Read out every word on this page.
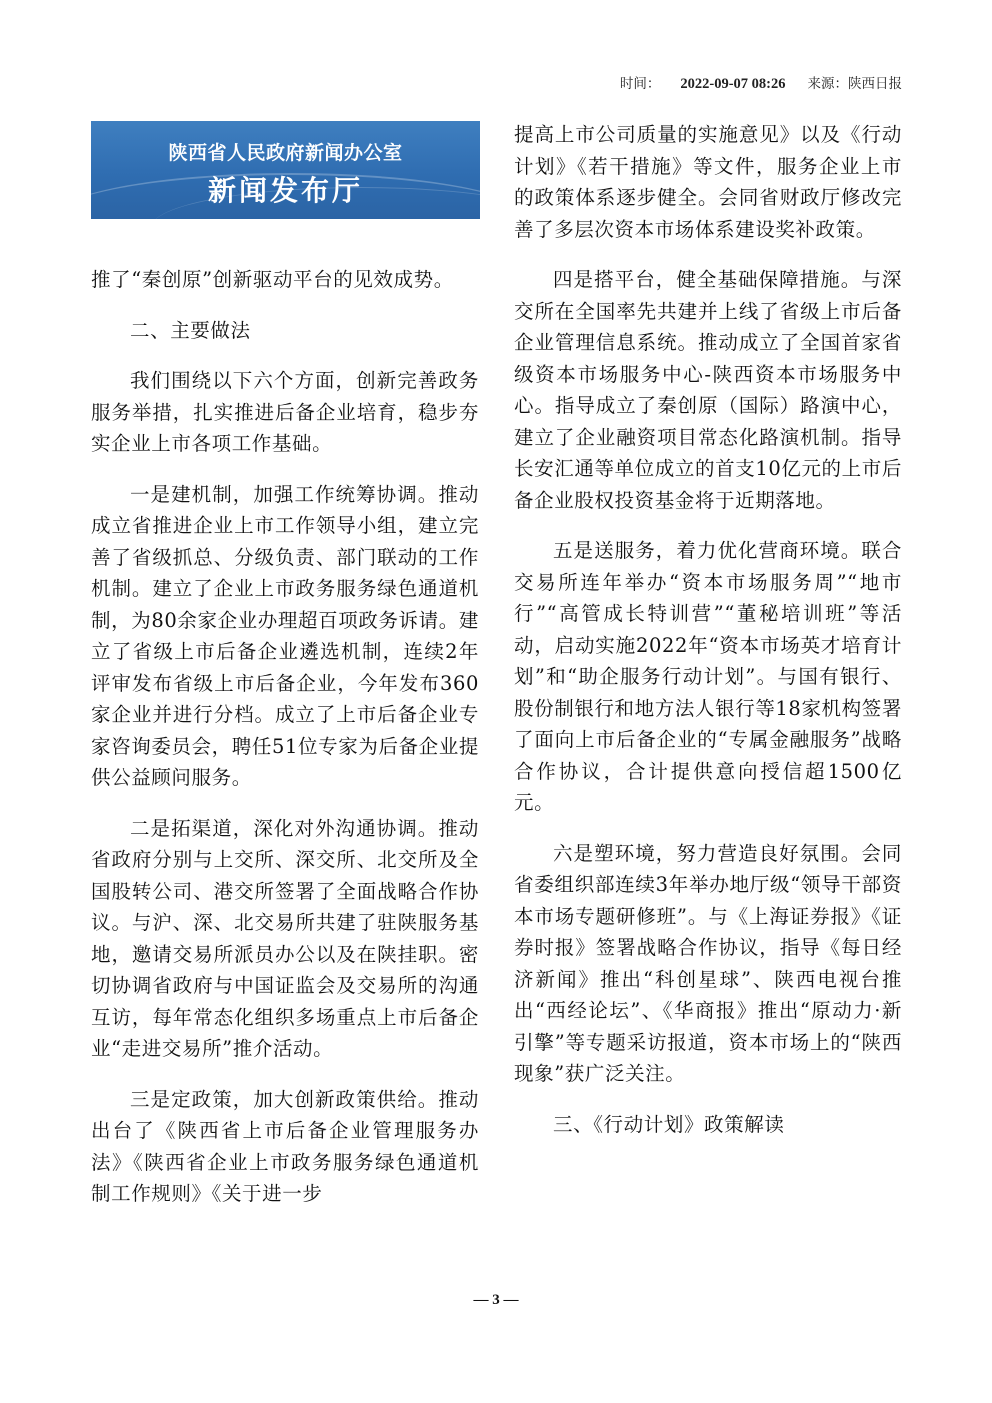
时间： 2022-09-07 08:26 来源：陕西日报
陕西省人民政府新闻办公室
新闻发布厅

推了“秦创原”创新驱动平台的见效成势。

二、主要做法

我们围绕以下六个方面，创新完善政务服务举措，扎实推进后备企业培育，稳步夯实企业上市各项工作基础。

一是建机制，加强工作统筹协调。推动成立省推进企业上市工作领导小组，建立完善了省级抓总、分级负责、部门联动的工作机制。建立了企业上市政务服务绿色通道机制，为80余家企业办理超百项政务诉请。建立了省级上市后备企业遴选机制，连续2年评审发布省级上市后备企业，今年发布360家企业并进行分档。成立了上市后备企业专家咨询委员会，聘任51位专家为后备企业提供公益顾问服务。

二是拓渠道，深化对外沟通协调。推动省政府分别与上交所、深交所、北交所及全国股转公司、港交所签署了全面战略合作协议。与沪、深、北交易所共建了驻陕服务基地，邀请交易所派员办公以及在陕挂职。密切协调省政府与中国证监会及交易所的沟通互访，每年常态化组织多场重点上市后备企业“走进交易所”推介活动。

三是定政策，加大创新政策供给。推动出台了《陕西省上市后备企业管理服务办法》《陕西省企业上市政务服务绿色通道机制工作规则》《关于进一步

提高上市公司质量的实施意见》以及《行动计划》《若干措施》等文件，服务企业上市的政策体系逐步健全。会同省财政厅修改完善了多层次资本市场体系建设奖补政策。

四是搭平台，健全基础保障措施。与深交所在全国率先共建并上线了省级上市后备企业管理信息系统。推动成立了全国首家省级资本市场服务中心-陕西资本市场服务中心。指导成立了秦创原（国际）路演中心，建立了企业融资项目常态化路演机制。指导长安汇通等单位成立的首支10亿元的上市后备企业股权投资基金将于近期落地。

五是送服务，着力优化营商环境。联合交易所连年举办“资本市场服务周”“地市行”“高管成长特训营”“董秘培训班”等活动，启动实施2022年“资本市场英才培育计划”和“助企服务行动计划”。与国有银行、股份制银行和地方法人银行等18家机构签署了面向上市后备企业的“专属金融服务”战略合作协议，合计提供意向授信超1500亿元。

六是塑环境，努力营造良好氛围。会同省委组织部连续3年举办地厅级“领导干部资本市场专题研修班”。与《上海证券报》《证券时报》签署战略合作协议，指导《每日经济新闻》推出“科创星球”、陕西电视台推出“西经论坛”、《华商报》推出“原动力·新引擎”等专题采访报道，资本市场上的“陕西现象”获广泛关注。

三、《行动计划》政策解读

— 3 —
